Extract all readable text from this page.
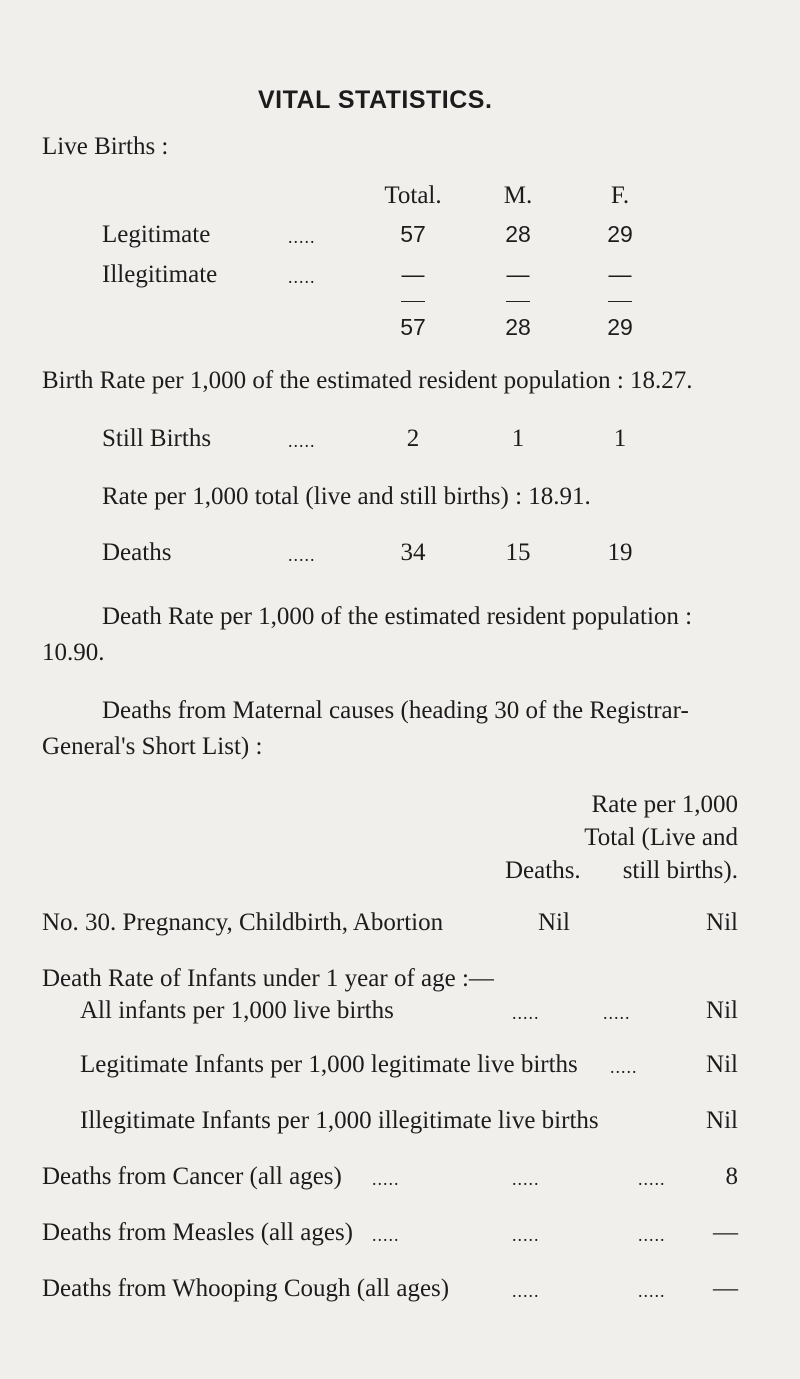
VITAL STATISTICS.
Live Births :
Total.	M.	F.
Legitimate	.....	57	28	29
Illegitimate	.....	—	—	—
57	28	29
Birth Rate per 1,000 of the estimated resident population : 18.27.
Still Births	.....	2	1	1
Rate per 1,000 total (live and still births) : 18.91.
Deaths	.....	34	15	19
Death Rate per 1,000 of the estimated resident population :
10.90.
Deaths from Maternal causes (heading 30 of the Registrar-
General's Short List) :
Rate per 1,000
Total (Live and
Deaths.	still births).
No. 30. Pregnancy, Childbirth, Abortion	Nil	Nil
Death Rate of Infants under 1 year of age :—
All infants per 1,000 live births	.....	.....	Nil
Legitimate Infants per 1,000 legitimate live births .....	Nil
Illegitimate Infants per 1,000 illegitimate live births	Nil
Deaths from Cancer (all ages) .....	.....	.....	8
Deaths from Measles (all ages) .....	.....	.....	—
Deaths from Whooping Cough (all ages)	.....	.....	—
